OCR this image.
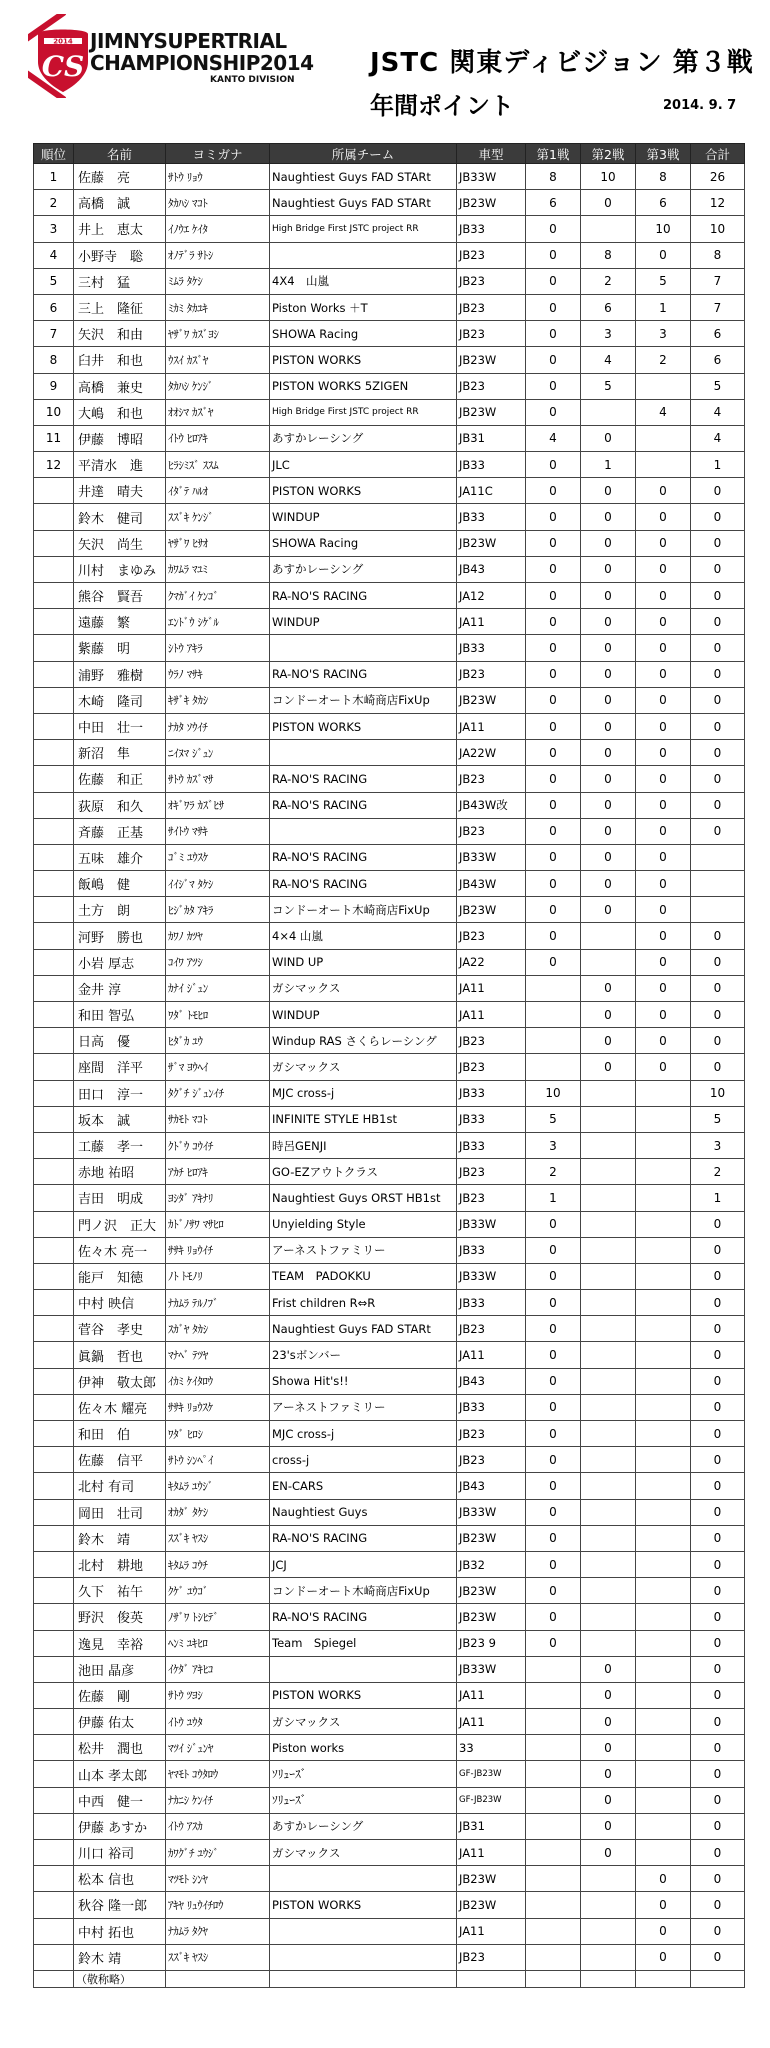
2014
CS
JIMNYSUPERTRIAL
CHAMPIONSHIP2014
KANTO DIVISION
JSTC 関東ディビジョン 第３戦
年間ポイント	2014. 9. 7
順位	名前	ヨミガナ	所属チーム	車型	第1戦	第2戦	第3戦	合計
1	佐藤　亮	ｻﾄｳ ﾘｮｳ	Naughtiest Guys FAD STARt	JB33W	8	10	8	26
2	高橋　誠	ﾀｶﾊｼ ﾏｺﾄ	Naughtiest Guys FAD STARt	JB23W	6	0	6	12
3	井上　恵太	ｲﾉｳｴ ｹｲﾀ	High Bridge First JSTC project RR	JB33	0		10	10
4	小野寺　聡	ｵﾉﾃﾞﾗ ｻﾄｼ		JB23	0	8	0	8
5	三村　猛	ﾐﾑﾗ ﾀｹｼ	4X4　山嵐	JB23	0	2	5	7
6	三上　隆征	ﾐｶﾐ ﾀｶﾕｷ	Piston Works ＋T	JB23	0	6	1	7
7	矢沢　和由	ﾔｻﾞﾜ ｶｽﾞﾖｼ	SHOWA Racing	JB23	0	3	3	6
8	臼井　和也	ｳｽｲ ｶｽﾞﾔ	PISTON WORKS	JB23W	0	4	2	6
9	高橋　兼史	ﾀｶﾊｼ ｹﾝｼﾞ	PISTON WORKS 5ZIGEN	JB23	0	5		5
10	大嶋　和也	ｵｵｼﾏ ｶｽﾞﾔ	High Bridge First JSTC project RR	JB23W	0		4	4
11	伊藤　博昭	ｲﾄｳ ﾋﾛｱｷ	あすかレーシング	JB31	4	0		4
12	平清水　進	ﾋﾗｼﾐｽﾞ ｽｽﾑ	JLC	JB33	0	1		1
	井達　晴夫	ｲﾀﾞﾃ ﾊﾙｵ	PISTON WORKS	JA11C	0	0	0	0
	鈴木　健司	ｽｽﾞｷ ｹﾝｼﾞ	WINDUP	JB33	0	0	0	0
	矢沢　尚生	ﾔｻﾞﾜ ﾋｻｵ	SHOWA Racing	JB23W	0	0	0	0
	川村　まゆみ	ｶﾜﾑﾗ ﾏﾕﾐ	あすかレーシング	JB43	0	0	0	0
	熊谷　賢吾	ｸﾏｶﾞｲ ｹﾝｺﾞ	RA-NO'S RACING	JA12	0	0	0	0
	遠藤　繁	ｴﾝﾄﾞｳ ｼｹﾞﾙ	WINDUP	JA11	0	0	0	0
	紫藤　明	ｼﾄｳ ｱｷﾗ		JB33	0	0	0	0
	浦野　雅樹	ｳﾗﾉ ﾏｻｷ	RA-NO'S RACING	JB23	0	0	0	0
	木崎　隆司	ｷｻﾞｷ ﾀｶｼ	コンドーオート木崎商店FixUp	JB23W	0	0	0	0
	中田　壮一	ﾅｶﾀ ｿｳｲﾁ	PISTON WORKS	JA11	0	0	0	0
	新沼　隼	ﾆｲﾇﾏ ｼﾞｭﾝ		JA22W	0	0	0	0
	佐藤　和正	ｻﾄｳ ｶｽﾞﾏｻ	RA-NO'S RACING	JB23	0	0	0	0
	荻原　和久	ｵｷﾞﾜﾗ ｶｽﾞﾋｻ	RA-NO'S RACING	JB43W改	0	0	0	0
	斉藤　正基	ｻｲﾄｳ ﾏｻｷ		JB23	0	0	0	0
	五味　雄介	ｺﾞﾐ ﾕｳｽｹ	RA-NO'S RACING	JB33W	0	0	0	
	飯嶋　健	ｲｲｼﾞﾏ ﾀｹｼ	RA-NO'S RACING	JB43W	0	0	0	
	土方　朗	ﾋｼﾞｶﾀ ｱｷﾗ	コンドーオート木崎商店FixUp	JB23W	0	0	0	
	河野　勝也	ｶﾜﾉ ｶﾂﾔ	4×4 山嵐	JB23	0		0	0
	小岩 厚志	ｺｲﾜ ｱﾂｼ	WIND UP	JA22	0		0	0
	金井 淳	ｶﾅｲ ｼﾞｭﾝ	ガシマックス	JA11		0	0	0
	和田 智弘	ﾜﾀﾞ ﾄﾓﾋﾛ	WINDUP	JA11		0	0	0
	日高　優	ﾋﾀﾞｶ ﾕｳ	Windup RAS さくらレーシング	JB23		0	0	0
	座間　洋平	ｻﾞﾏ ﾖｳﾍｲ	ガシマックス	JB23		0	0	0
	田口　淳一	ﾀｸﾞﾁ ｼﾞｭﾝｲﾁ	MJC cross-j	JB33	10			10
	坂本　誠	ｻｶﾓﾄ ﾏｺﾄ	INFINITE STYLE HB1st	JB33	5			5
	工藤　孝一	ｸﾄﾞｳ ｺｳｲﾁ	時呂GENJI	JB33	3			3
	赤地 祐昭	ｱｶﾁ ﾋﾛｱｷ	GO-EZアウトクラス	JB23	2			2
	吉田　明成	ﾖｼﾀﾞ ｱｷﾅﾘ	Naughtiest Guys ORST HB1st	JB23	1			1
	門ノ沢　正大	ｶﾄﾞﾉｻﾜ ﾏｻﾋﾛ	Unyielding Style	JB33W	0			0
	佐々木 亮一	ｻｻｷ ﾘｮｳｲﾁ	アーネストファミリー	JB33	0			0
	能戸　知徳	ﾉﾄ ﾄﾓﾉﾘ	TEAM　PADOKKU	JB33W	0			0
	中村 映信	ﾅｶﾑﾗ ﾃﾙﾉﾌﾞ	Frist children R⇔R	JB33	0			0
	菅谷　孝史	ｽｶﾞﾔ ﾀｶｼ	Naughtiest Guys FAD STARt	JB23	0			0
	眞鍋　哲也	ﾏﾅﾍﾞ ﾃﾂﾔ	23'sボンバー	JA11	0			0
	伊神　敬太郎	ｲｶﾐ ｹｲﾀﾛｳ	Showa Hit's!!	JB43	0			0
	佐々木 耀亮	ｻｻｷ ﾘｮｳｽｹ	アーネストファミリー	JB33	0			0
	和田　伯	ﾜﾀﾞ ﾋﾛｼ	MJC cross-j	JB23	0			0
	佐藤　信平	ｻﾄｳ ｼﾝﾍﾟｲ	cross-j	JB23	0			0
	北村 有司	ｷﾀﾑﾗ ﾕｳｼﾞ	EN-CARS	JB43	0			0
	岡田　壮司	ｵｶﾀﾞ ﾀｹｼ	Naughtiest Guys	JB33W	0			0
	鈴木　靖	ｽｽﾞｷ ﾔｽｼ	RA-NO'S RACING	JB23W	0			0
	北村　耕地	ｷﾀﾑﾗ ｺｳﾁ	JCJ	JB32	0			0
	久下　祐午	ｸｹﾞ ﾕｳｺﾞ	コンドーオート木崎商店FixUp	JB23W	0			0
	野沢　俊英	ﾉｻﾞﾜ ﾄｼﾋﾃﾞ	RA-NO'S RACING	JB23W	0			0
	逸見　幸裕	ﾍﾝﾐ ﾕｷﾋﾛ	Team　Spiegel	JB23 9	0			0
	池田 晶彦	ｲｹﾀﾞ ｱｷﾋｺ		JB33W		0		0
	佐藤　剛	ｻﾄｳ ﾂﾖｼ	PISTON WORKS	JA11		0		0
	伊藤 佑太	ｲﾄｳ ﾕｳﾀ	ガシマックス	JA11		0		0
	松井　潤也	ﾏﾂｲ ｼﾞｭﾝﾔ	Piston works	33		0		0
	山本 孝太郎	ﾔﾏﾓﾄ ｺｳﾀﾛｳ	ｿﾘｭｰｽﾞ	GF-JB23W		0		0
	中西　健一	ﾅｶﾆｼ ｹﾝｲﾁ	ｿﾘｭｰｽﾞ	GF-JB23W		0		0
	伊藤 あすか	ｲﾄｳ ｱｽｶ	あすかレーシング	JB31		0		0
	川口 裕司	ｶﾜｸﾞﾁ ﾕｳｼﾞ	ガシマックス	JA11		0		0
	松本 信也	ﾏﾂﾓﾄ ｼﾝﾔ		JB23W			0	0
	秋谷 隆一郎	ｱｷﾔ ﾘｭｳｲﾁﾛｳ	PISTON WORKS	JB23W			0	0
	中村 拓也	ﾅｶﾑﾗ ﾀｸﾔ		JA11			0	0
	鈴木 靖	ｽｽﾞｷ ﾔｽｼ		JB23			0	0
	（敬称略）							
